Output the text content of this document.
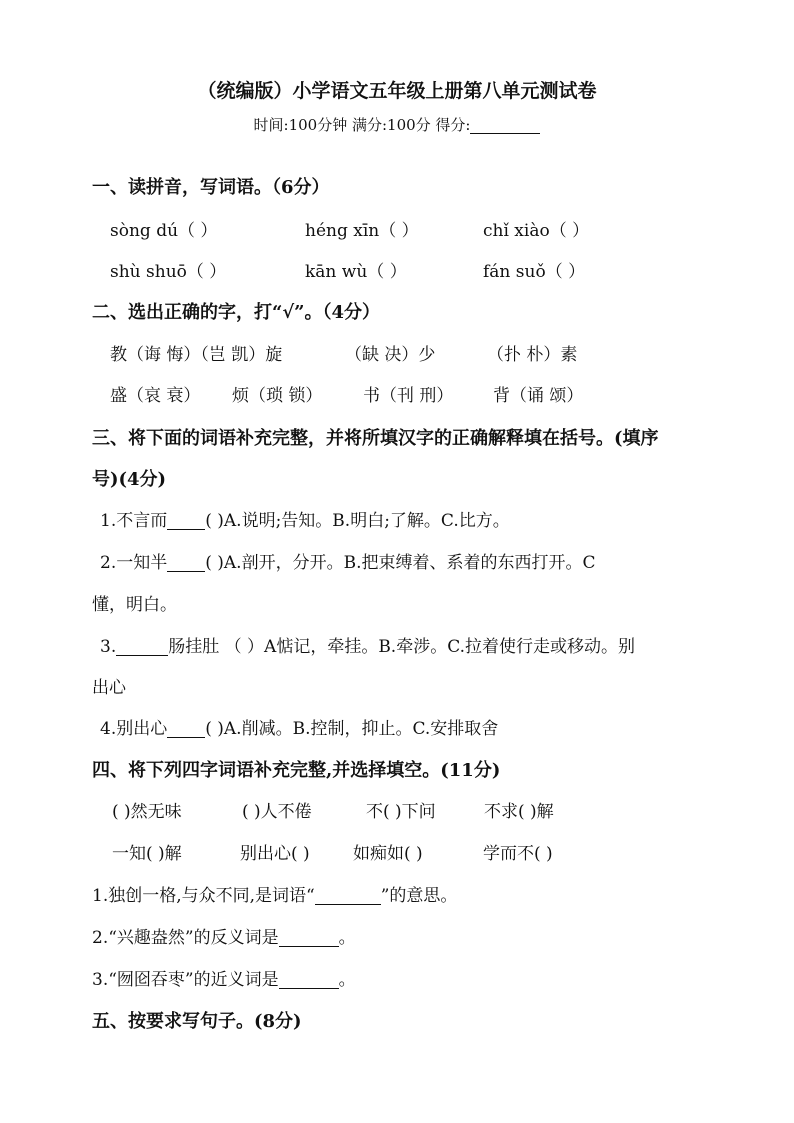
（统编版）小学语文五年级上册第八单元测试卷
时间:100分钟 满分:100分 得分:
一、读拼音，写词语。（6分）
sòng dú（ ）	héng xīn（ ）	chǐ xiào（ ）
shù shuō（ ）	kān wù（ ）	fán suǒ（ ）
二、选出正确的字，打“√”。（4分）
教（诲 悔）（岂 凯）旋	（缺 决）少	（扑 朴）素
盛（哀 衰） 烦（琐 锁） 书（刊 刑） 背（诵 颂）
三、将下面的词语补充完整，并将所填汉字的正确解释填在括号。(填序
号)(4分)
1.不言而 ( )A.说明;告知。B.明白;了解。C.比方。
2.一知半 ( )A.剖开，分开。B.把束缚着、系着的东西打开。C
懂，明白。
3.	肠挂肚 （ ）A惦记，牵挂。B.牵涉。C.拉着使行走或移动。别
出心
4.别出心 ( )A.削减。B.控制，抑止。C.安排取舍
四、将下列四字词语补充完整,并选择填空。(11分)
( )然无味	( )人不倦	不( )下问	不求( )解
一知( )解	别出心( )	如痴如( )	学而不( )
1.独创一格,与众不同,是词语“	”的意思。
2.“兴趣盎然”的反义词是	。
3.“囫囵吞枣”的近义词是	。
五、按要求写句子。(8分)
